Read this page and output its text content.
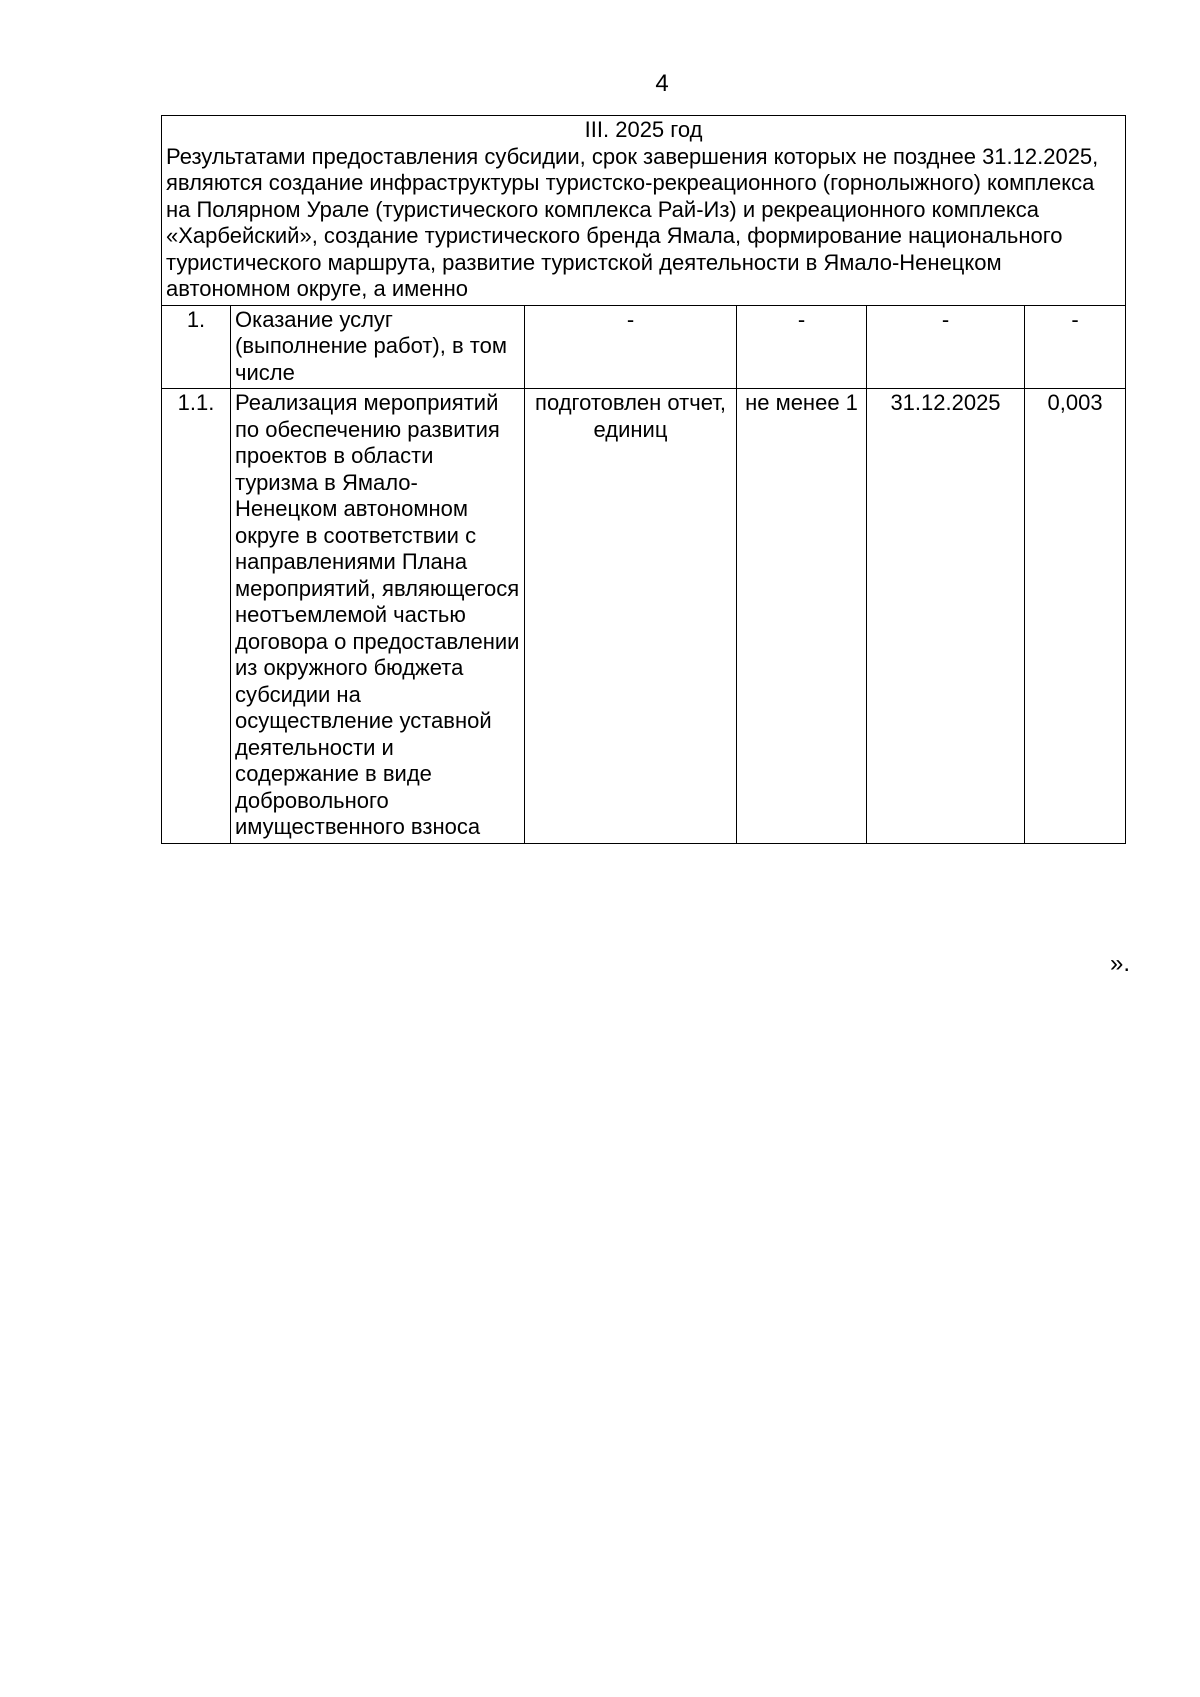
4
III. 2025 год
Результатами предоставления субсидии, срок завершения которых не позднее 31.12.2025, являются создание инфраструктуры туристско-рекреационного (горнолыжного) комплекса на Полярном Урале (туристического комплекса Рай-Из) и рекреационного комплекса «Харбейский», создание туристического бренда Ямала, формирование национального туристического маршрута, развитие туристской деятельности в Ямало-Ненецком автономном округе, а именно					

1.	Оказание услуг (выполнение работ), в том числе	-	-	-	-
1.1.	Реализация мероприятий по обеспечению развития проектов в области туризма в Ямало-Ненецком автономном округе в соответствии с направлениями Плана мероприятий, являющегося неотъемлемой частью договора о предоставлении из окружного бюджета субсидии на осуществление уставной деятельности и содержание в виде добровольного имущественного взноса	подготовлен отчет, единиц	не менее 1	31.12.2025	0,003
».
